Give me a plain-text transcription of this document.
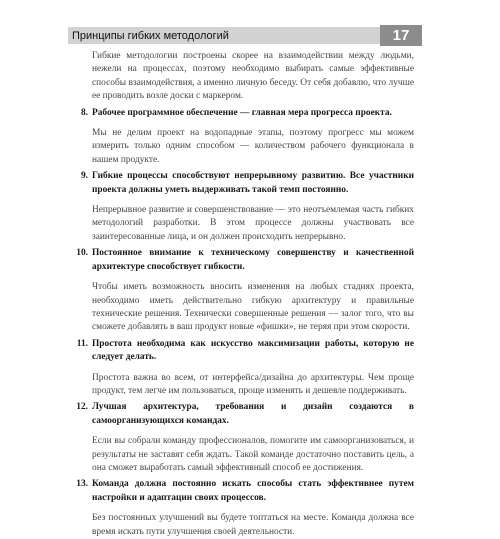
Принципы гибких методологий	17

Гибкие методологии построены скорее на взаимодействии между людьми, нежели на процессах, поэтому необходимо выбирать самые эффективные способы взаимодействия, а именно личную беседу. От себя добавлю, что лучше ее проводить возле доски с маркером.

8. Рабочее программное обеспечение — главная мера прогресса проекта.

Мы не делим проект на водопадные этапы, поэтому прогресс мы можем измерить только одним способом — количеством рабочего функционала в нашем продукте.

9. Гибкие процессы способствуют непрерывному развитию. Все участники проекта должны уметь выдерживать такой темп постоянно.

Непрерывное развитие и совершенствование — это неотъемлемая часть гибких методологий разработки. В этом процессе должны участвовать все заинтересованные лица, и он должен происходить непрерывно.

10. Постоянное внимание к техническому совершенству и качественной архитектуре способствует гибкости.

Чтобы иметь возможность вносить изменения на любых стадиях проекта, необходимо иметь действительно гибкую архитектуру и правильные технические решения. Технически совершенные решения — залог того, что вы сможете добавлять в ваш продукт новые «фишки», не теряя при этом скорости.

11. Простота необходима как искусство максимизации работы, которую не следует делать.

Простота важна во всем, от интерфейса/дизайна до архитектуры. Чем проще продукт, тем легче им пользоваться, проще изменять и дешевле поддерживать.

12. Лучшая архитектура, требования и дизайн создаются в самоорганизующихся командах.

Если вы собрали команду профессионалов, помогите им самоорганизоваться, и результаты не заставят себя ждать. Такой команде достаточно поставить цель, а она сможет выработать самый эффективный способ ее достижения.

13. Команда должна постоянно искать способы стать эффективнее путем настройки и адаптации своих процессов.

Без постоянных улучшений вы будете топтаться на месте. Команда должна все время искать пути улучшения своей деятельности.
